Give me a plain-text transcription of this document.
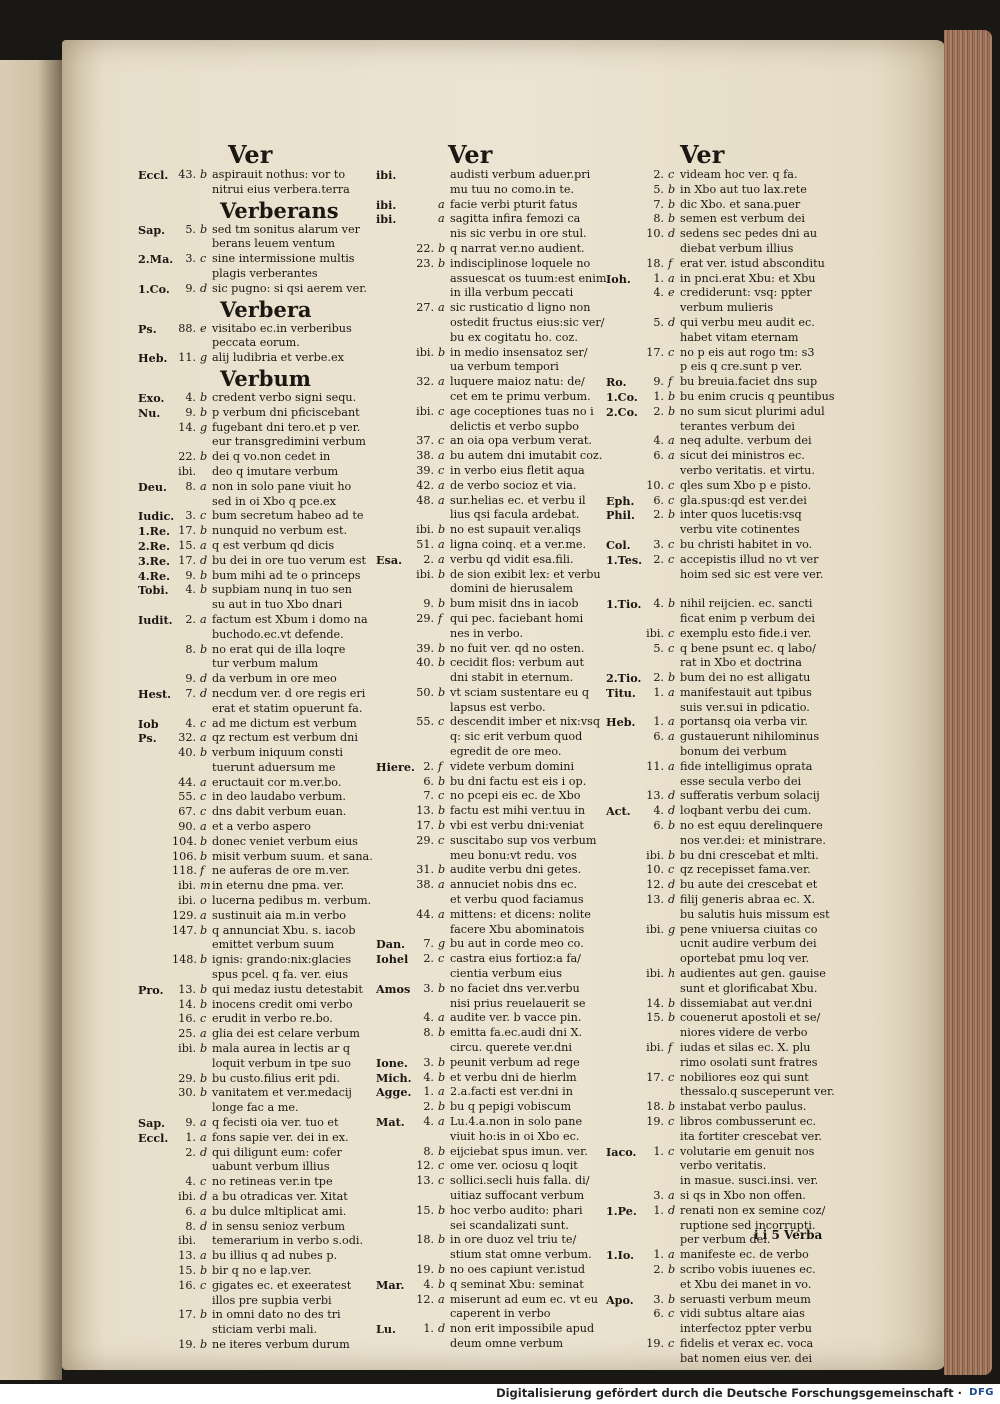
Ver	Ver	Ver
Eccl. 43. b aspirauit nothus: vor to
nitrui eius verbera.terra
Verberans
Sap.	5. b sed tm sonitus alarum ver
berans leuem ventum
2.Ma.	3. c sine intermissione multis
plagis verberantes
1.Co.	9. d sic pugno: si qsi aerem ver.
Verbera
Ps.	88. e visitabo ec.in verberibus
peccata eorum.
Heb. 11. g alij ludibria et verbe.ex
Verbum
Exo.	4. b credent verbo signi sequ.
Nu.	9. b p verbum dni pficiscebant
14. g fugebant dni tero.et p ver.
eur transgredimini verbum
22. b dei q vo.non cedet in
ibi. deo q imutare verbum
Deu.	8. a non in solo pane viuit ho
sed in oi Xbo q pce.ex
Iudic. 3. c bum secretum habeo ad te
1.Re. 17. b nunquid no verbum est.
2.Re. 15. a q est verbum qd dicis
3.Re. 17. d bu dei in ore tuo verum est
4.Re.	9. b bum mihi ad te o princeps
Tobi.	4. b supbiam nunq in tuo sen
su aut in tuo Xbo dnari
Iudit.	2. a factum est Xbum i domo na
buchodo.ec.vt defende.
8. b no erat qui de illa loqre
tur verbum malum
9. d da verbum in ore meo
Hest.	7. d necdum ver. d ore regis eri
erat et statim opuerunt fa.
Iob	4. c ad me dictum est verbum
Ps.	32. a qz rectum est verbum dni
40. b verbum iniquum consti
tuerunt aduersum me
44. a eructauit cor m.ver.bo.
55. c in deo laudabo verbum.
67. c dns dabit verbum euan.
90. a et a verbo aspero
104. b donec veniet verbum eius
106. b misit verbum suum. et sana.
118. f ne auferas de ore m.ver.
ibi. m in eternu dne pma. ver.
ibi. o lucerna pedibus m. verbum.
129. a sustinuit aia m.in verbo
147. b q annunciat Xbu. s. iacob
emittet verbum suum
148. b ignis: grando:nix:glacies
spus pcel. q fa. ver. eius
Pro.	13. b qui medaz iustu detestabit
14. b inocens credit omi verbo
16. c erudit in verbo re.bo.
25. a glia dei est celare verbum
ibi. b mala aurea in lectis ar q
loquit verbum in tpe suo
29. b bu custo.filius erit pdi.
30. b vanitatem et ver.medacij
longe fac a me.
Sap.	9. a q fecisti oia ver. tuo et
Eccl.	1. a fons sapie ver. dei in ex.
2. d qui diligunt eum: cofer
uabunt verbum illius
4. c no retineas ver.in tpe
ibi. d a bu otradicas ver. Xitat
6. a bu dulce mltiplicat ami.
8. d in sensu senioz verbum
ibi. temerarium in verbo s.odi.
13. a bu illius q ad nubes p.
15. b bir q no e lap.ver.
16. c gigates ec. et exeeratest
illos pre supbia verbi
17. b in omni dato no des tri
sticiam verbi mali.
19. b ne iteres verbum durum
ibi.	audisti verbum aduer.pri
mu tuu no como.in te.
ibi.	a facie verbi pturit fatus
ibi.	a sagitta infira femozi ca
nis sic verbu in ore stul.
22. b q narrat ver.no audient.
23. b indisciplinose loquele no
assuescat os tuum:est enim
in illa verbum peccati
27. a sic rusticatio d ligno non
ostedit fructus eius:sic ver/
bu ex cogitatu ho. coz.
ibi. b in medio insensatoz ser/
ua verbum tempori
32. a luquere maioz natu: de/
cet em te primu verbum.
ibi. c age coceptiones tuas no i
delictis et verbo supbo
37. c an oia opa verbum verat.
38. a bu autem dni imutabit coz.
39. c in verbo eius fletit aqua
42. a de verbo socioz et via.
48. a sur.helias ec. et verbu il
lius qsi facula ardebat.
ibi. b no est supauit ver.aliqs
51. a ligna coinq. et a ver.me.
Esa.	2. a verbu qd vidit esa.fili.
ibi. b de sion exibit lex: et verbu
domini de hierusalem
9. b bum misit dns in iacob
29. f qui pec. faciebant homi
nes in verbo.
39. b no fuit ver. qd no osten.
40. b cecidit flos: verbum aut
dni stabit in eternum.
50. b vt sciam sustentare eu q
lapsus est verbo.
55. c descendit imber et nix:vsq
q: sic erit verbum quod
egredit de ore meo.
Hiere. 2. f videte verbum domini
6. b bu dni factu est eis i op.
7. c no pcepi eis ec. de Xbo
13. b factu est mihi ver.tuu in
17. b vbi est verbu dni:veniat
29. c suscitabo sup vos verbum
meu bonu:vt redu. vos
31. b audite verbu dni getes.
38. a annuciet nobis dns ec.
et verbu quod faciamus
44. a mittens: et dicens: nolite
facere Xbu abominatois
Dan.	7. g bu aut in corde meo co.
Iohel	2. c castra eius fortioz:a fa/
cientia verbum eius
Amos	3. b no faciet dns ver.verbu
nisi prius reuelauerit se
4. a audite ver. b vacce pin.
8. b emitta fa.ec.audi dni X.
circu. querete ver.dni
Ione.	3. b peunit verbum ad rege
Mich.	4. b et verbu dni de hierlm
Agge.	1. a 2.a.facti est ver.dni in
2. b bu q pepigi vobiscum
Mat.	4. a Lu.4.a.non in solo pane
viuit ho:is in oi Xbo ec.
8. b eijciebat spus imun. ver.
12. c ome ver. ociosu q loqit
13. c sollici.secli huis falla. di/
uitiaz suffocant verbum
15. b hoc verbo audito: phari
sei scandalizati sunt.
18. b in ore duoz vel triu te/
stium stat omne verbum.
19. b no oes capiunt ver.istud
Mar.	4. b q seminat Xbu: seminat
12. a miserunt ad eum ec. vt eu
caperent in verbo
Lu.	1. d non erit impossibile apud
deum omne verbum
2. c videam hoc ver. q fa.
5. b in Xbo aut tuo lax.rete
7. b dic Xbo. et sana.puer
8. b semen est verbum dei
10. d sedens sec pedes dni au
diebat verbum illius
18. f erat ver. istud absconditu
Ioh.	1. a in pnci.erat Xbu: et Xbu
4. e crediderunt: vsq: ppter
verbum mulieris
5. d qui verbu meu audit ec.
habet vitam eternam
17. c no p eis aut rogo tm: s3
p eis q cre.sunt p ver.
Ro.	9. f bu breuia.faciet dns sup
1.Co.	1. b bu enim crucis q peuntibus
2.Co.	2. b no sum sicut plurimi adul
terantes verbum dei
4. a neq adulte. verbum dei
6. a sicut dei ministros ec.
verbo veritatis. et virtu.
10. c qles sum Xbo p e pisto.
Eph.	6. c gla.spus:qd est ver.dei
Phil.	2. b inter quos lucetis:vsq
verbu vite cotinentes
Col.	3. c bu christi habitet in vo.
1.Tes.	2. c accepistis illud no vt ver
hoim sed sic est vere ver.
1.Tio.	4. b nihil reijcien. ec. sancti
ficat enim p verbum dei
ibi. c exemplu esto fide.i ver.
5. c q bene psunt ec. q labo/
rat in Xbo et doctrina
2.Tio.	2. b bum dei no est alligatu
Titu.	1. a manifestauit aut tpibus
suis ver.sui in pdicatio.
Heb.	1. a portansq oia verba vir.
6. a gustauerunt nihilominus
bonum dei verbum
11. a fide intelligimus oprata
esse secula verbo dei
13. d sufferatis verbum solacij
Act.	4. d loqbant verbu dei cum.
6. b no est equu derelinquere
nos ver.dei: et ministrare.
ibi. b bu dni crescebat et mlti.
10. c qz recepisset fama.ver.
12. d bu aute dei crescebat et
13. d filij generis abraa ec. X.
bu salutis huis missum est
ibi. g pene vniuersa ciuitas co
ucnit audire verbum dei
oportebat pmu loq ver.
ibi. h audientes aut gen. gauise
sunt et glorificabat Xbu.
14. b dissemiabat aut ver.dni
15. b couenerut apostoli et se/
niores videre de verbo
ibi. f iudas et silas ec. X. plu
rimo osolati sunt fratres
17. c nobiliores eoz qui sunt
thessalo.q susceperunt ver.
18. b instabat verbo paulus.
19. c libros combusserunt ec.
ita fortiter crescebat ver.
Iaco.	1. c volutarie em genuit nos
verbo veritatis.
in masue. susci.insi. ver.
3. a si qs in Xbo non offen.
1.Pe.	1. d renati non ex semine coz/
ruptione sed incorrupti.
per verbum dei.
1.Io.	1. a manifeste ec. de verbo
2. b scribo vobis iuuenes ec.
et Xbu dei manet in vo.
Apo.	3. b seruasti verbum meum
6. c vidi subtus altare aias
interfectoz ppter verbu
19. c fidelis et verax ec. voca
bat nomen eius ver. dei
i i 5 Verba
Digitalisierung gefördert durch die Deutsche Forschungsgemeinschaft · DFG
